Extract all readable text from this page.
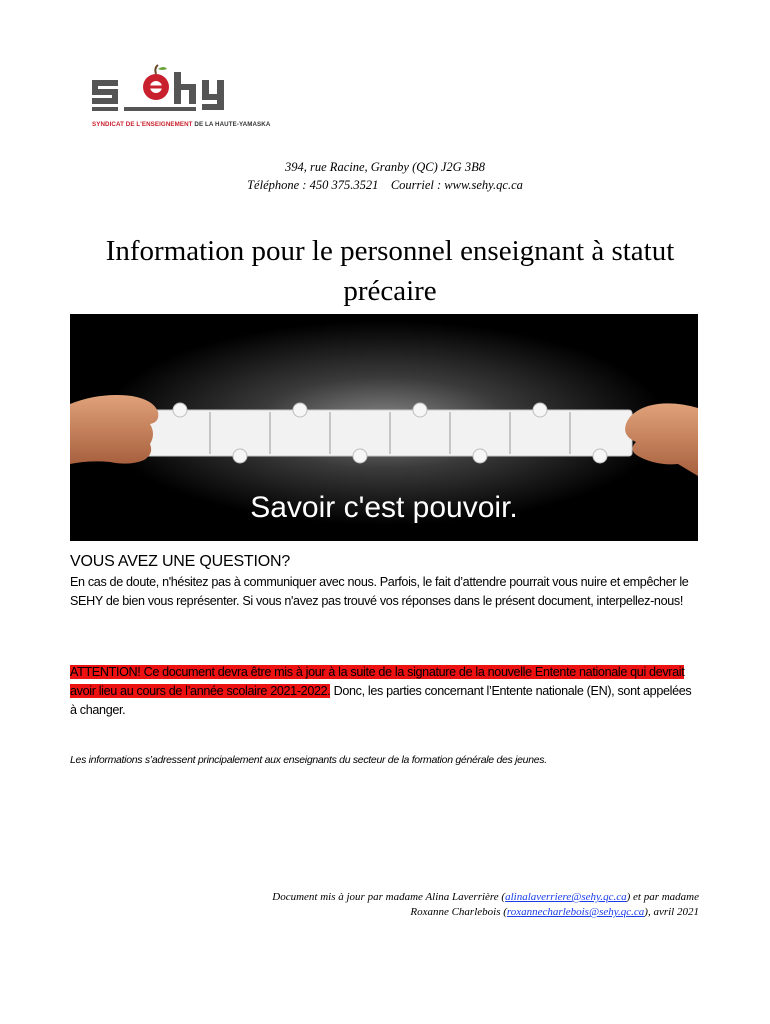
SYNDICAT DE L'ENSEIGNEMENT DE LA HAUTE-YAMASKA
394, rue Racine, Granby (QC) J2G 3B8
Téléphone : 450 375.3521 Courriel : www.sehy.qc.ca
Information pour le personnel enseignant à statut précaire
Savoir c'est pouvoir.
VOUS AVEZ UNE QUESTION?
En cas de doute, n'hésitez pas à communiquer avec nous. Parfois, le fait d’attendre pourrait vous nuire et empêcher le SEHY de bien vous représenter. Si vous n'avez pas trouvé vos réponses dans le présent document, interpellez-nous!
ATTENTION! Ce document devra être mis à jour à la suite de la signature de la nouvelle Entente nationale qui devrait avoir lieu au cours de l’année scolaire 2021-2022. Donc, les parties concernant l’Entente nationale (EN), sont appelées à changer.
Les informations s’adressent principalement aux enseignants du secteur de la formation générale des jeunes.
Document mis à jour par madame Alina Laverrière (alinalaverriere@sehy.qc.ca) et par madame
Roxanne Charlebois (roxannecharlebois@sehy.qc.ca), avril 2021
